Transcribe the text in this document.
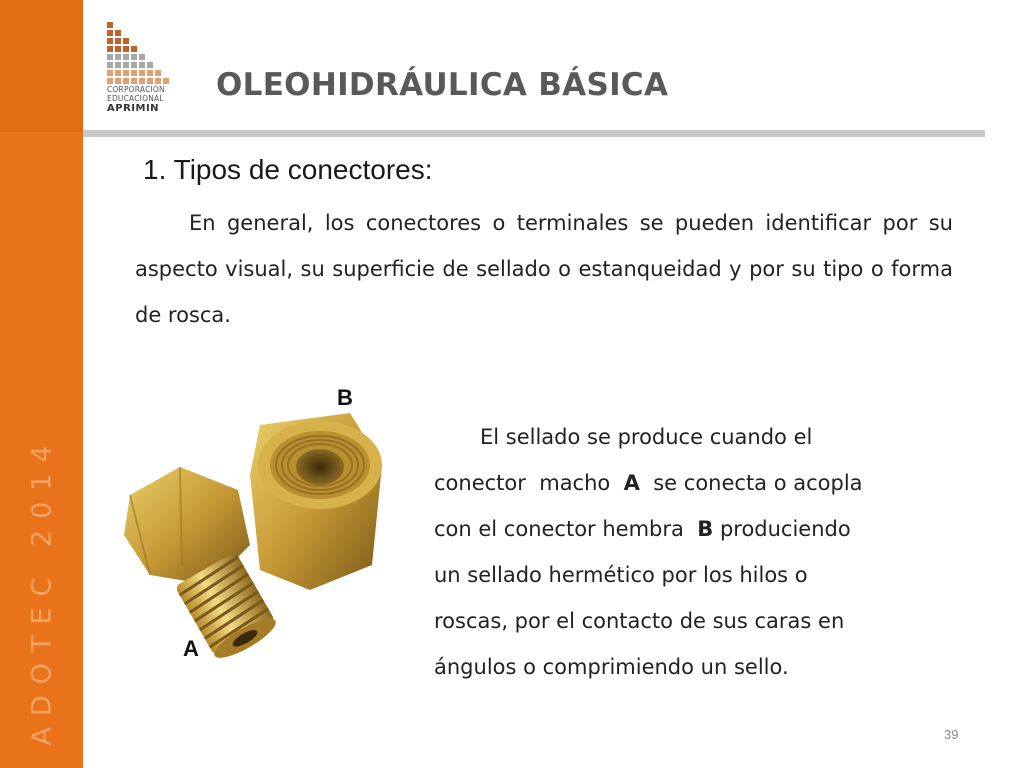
ADOTEC 2014
CORPORACION
EDUCACIONAL
APRIMIN
OLEOHIDRÁULICA BÁSICA
1. Tipos de conectores:
En general, los conectores o terminales se pueden identificar por su aspecto visual, su superficie de sellado o estanqueidad y por su tipo o forma de rosca.
B
A
El sellado se produce cuando el
conector  macho  A  se conecta o acopla
con el conector hembra  B produciendo
un sellado hermético por los hilos o
roscas, por el contacto de sus caras en
ángulos o comprimiendo un sello.
39
